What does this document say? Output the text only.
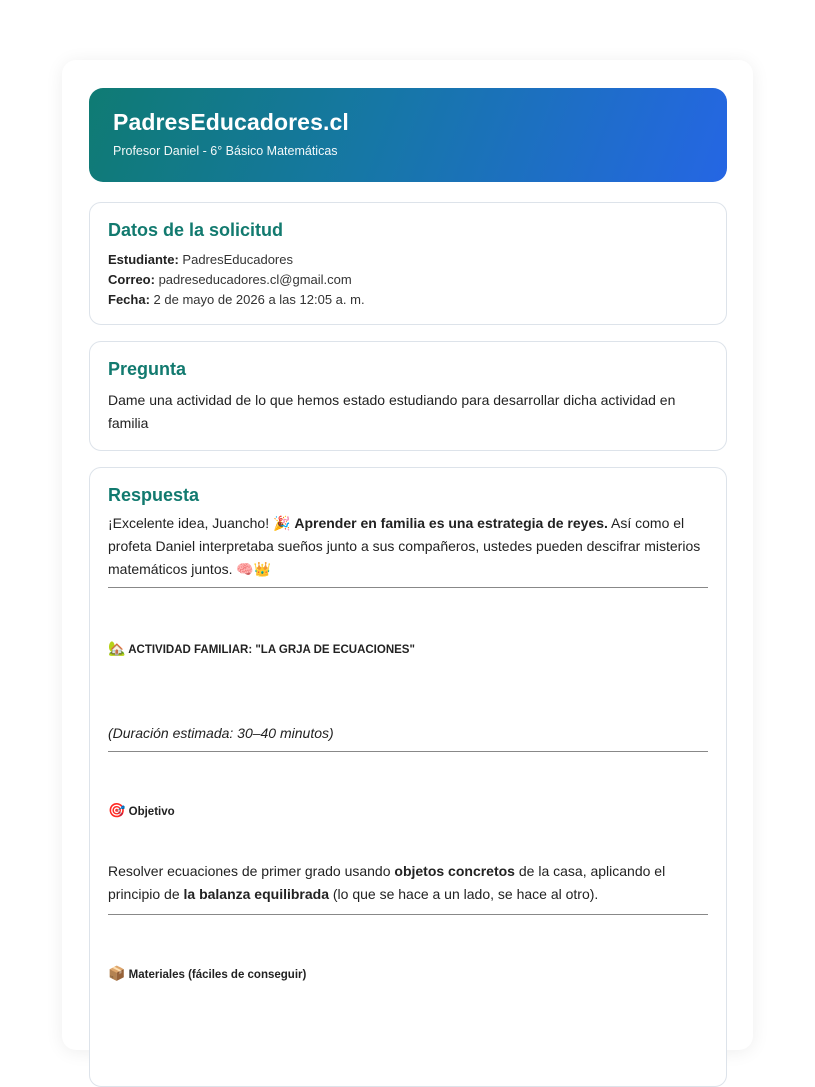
PadresEducadores.cl
Profesor Daniel - 6° Básico Matemáticas
Datos de la solicitud
Estudiante: PadresEducadores
Correo: padreseducadores.cl@gmail.com
Fecha: 2 de mayo de 2026 a las 12:05 a. m.
Pregunta
Dame una actividad de lo que hemos estado estudiando para desarrollar dicha actividad en familia
Respuesta
¡Excelente idea, Juancho! 🎉 Aprender en familia es una estrategia de reyes. Así como el profeta Daniel interpretaba sueños junto a sus compañeros, ustedes pueden descifrar misterios matemáticos juntos. 🧠👑
🏡 ACTIVIDAD FAMILIAR: "LA GRJA DE ECUACIONES"
(Duración estimada: 30–40 minutos)
🎯 Objetivo
Resolver ecuaciones de primer grado usando objetos concretos de la casa, aplicando el principio de la balanza equilibrada (lo que se hace a un lado, se hace al otro).
📦 Materiales (fáciles de conseguir)
